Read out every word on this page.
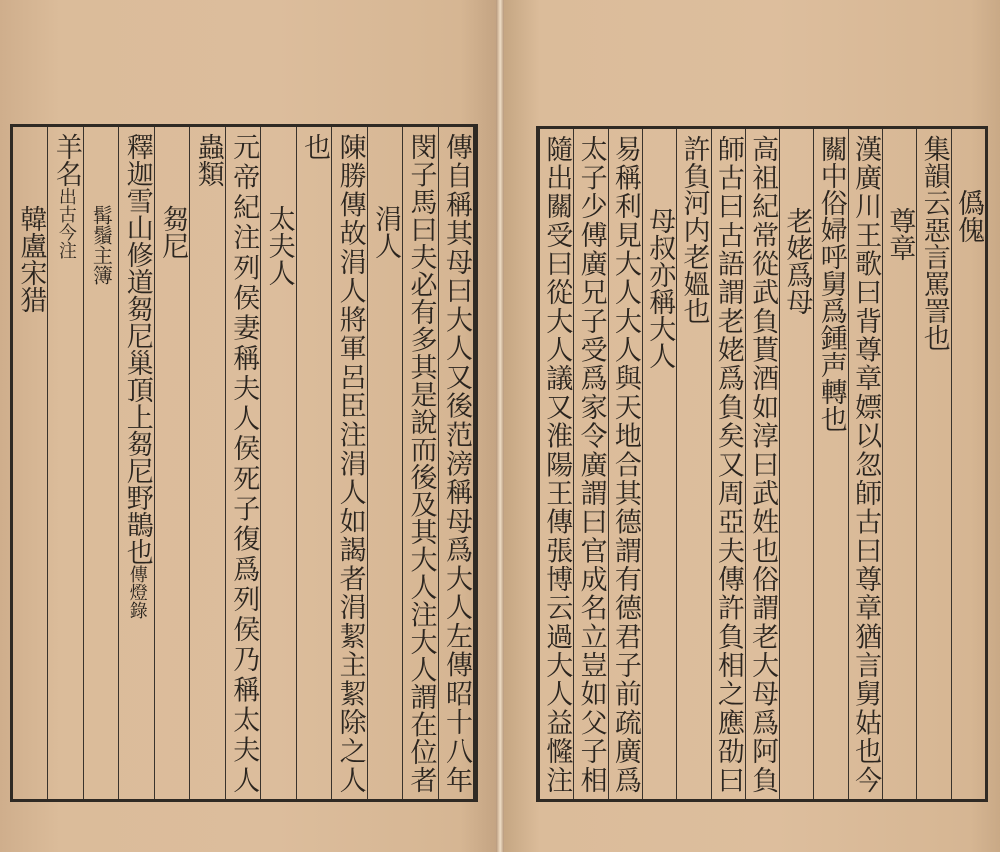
僞傀
集韻云惡言罵詈也
尊章
漢廣川王歌曰背尊章嫖以忽師古曰尊章猶言舅姑也今
關中俗婦呼舅爲鍾声轉也
老姥爲母
高祖紀常從武負貰酒如淳曰武姓也俗謂老大母爲阿負
師古曰古語謂老姥爲負矣又周亞夫傳許負相之應劭曰
許負河内老媼也
母叔亦稱大人
易稱利見大人大人與天地合其德謂有德君子前疏廣爲
太子少傅廣兄子受爲家令廣謂曰官成名立豈如父子相
隨出關受曰從大人議又淮陽王傳張博云過大人益㦕注
傳自稱其母曰大人又後范滂稱母爲大人左傳昭十八年
閔子馬曰夫必有多其是說而後及其大人注大人謂在位者
涓人
陳勝傳故涓人將軍呂臣注涓人如謁者涓絜主絜除之人
也
太夫人
元帝紀注列侯妻稱夫人侯死子復爲列侯乃稱太夫人
蟲類
芻尼
釋迦雪山修道芻尼巢頂上芻尼野鵲也傳燈錄
髯鬚主簿
羊名出古今注
韓盧宋猎
